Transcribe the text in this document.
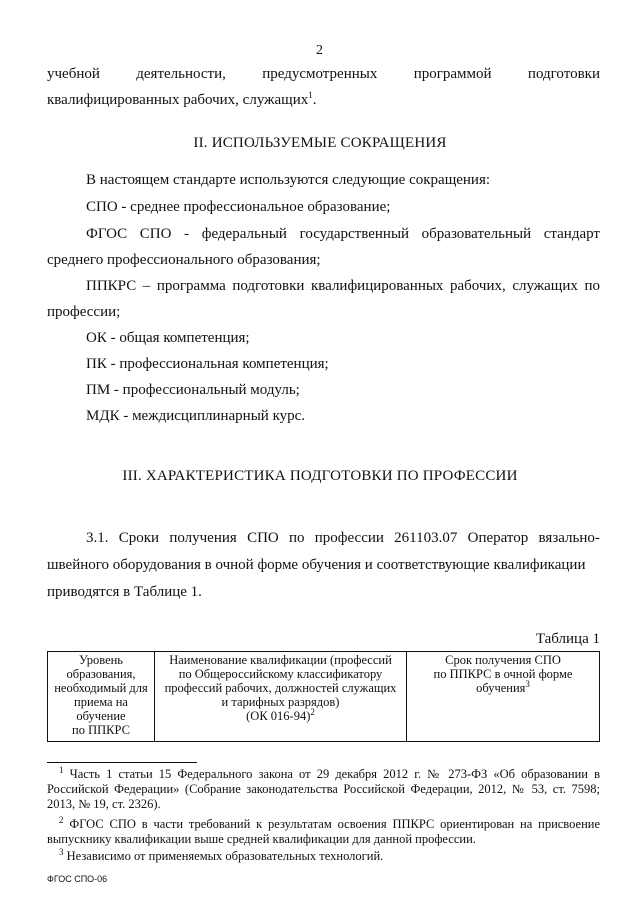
2
учебной деятельности, предусмотренных программой подготовки
квалифицированных рабочих, служащих$^1$.
II. ИСПОЛЬЗУЕМЫЕ СОКРАЩЕНИЯ
В настоящем стандарте используются следующие сокращения:
СПО - среднее профессиональное образование;
ФГОС СПО - федеральный государственный образовательный стандарт
среднего профессионального образования;
ППКРС – программа подготовки квалифицированных рабочих, служащих по
профессии;
ОК - общая компетенция;
ПК - профессиональная компетенция;
ПМ - профессиональный модуль;
МДК - междисциплинарный курс.
III. ХАРАКТЕРИСТИКА ПОДГОТОВКИ ПО ПРОФЕССИИ
3.1. Сроки получения СПО по профессии 261103.07 Оператор вязально-
швейного оборудования в очной форме обучения и соответствующие квалификации
приводятся в Таблице 1.
Таблица 1
Уровень
образования,
необходимый для
приема на обучение
по ППКРС

Наименование квалификации (профессий
по Общероссийскому классификатору
профессий рабочих, должностей служащих
и тарифных разрядов)
(ОК 016-94)$^2$

Срок получения СПО
по ППКРС в очной форме
обучения$^3$
$^1$ Часть 1 статьи 15 Федерального закона от 29 декабря 2012 г. № 273-ФЗ «Об образовании в Российской Федерации» (Собрание законодательства Российской Федерации, 2012, № 53, ст. 7598; 2013, № 19, ст. 2326).
$^2$ ФГОС СПО в части требований к результатам освоения ППКРС ориентирован на присвоение выпускнику квалификации выше средней квалификации для данной профессии.
$^3$ Независимо от применяемых образовательных технологий.
ФГОС СПО-06
